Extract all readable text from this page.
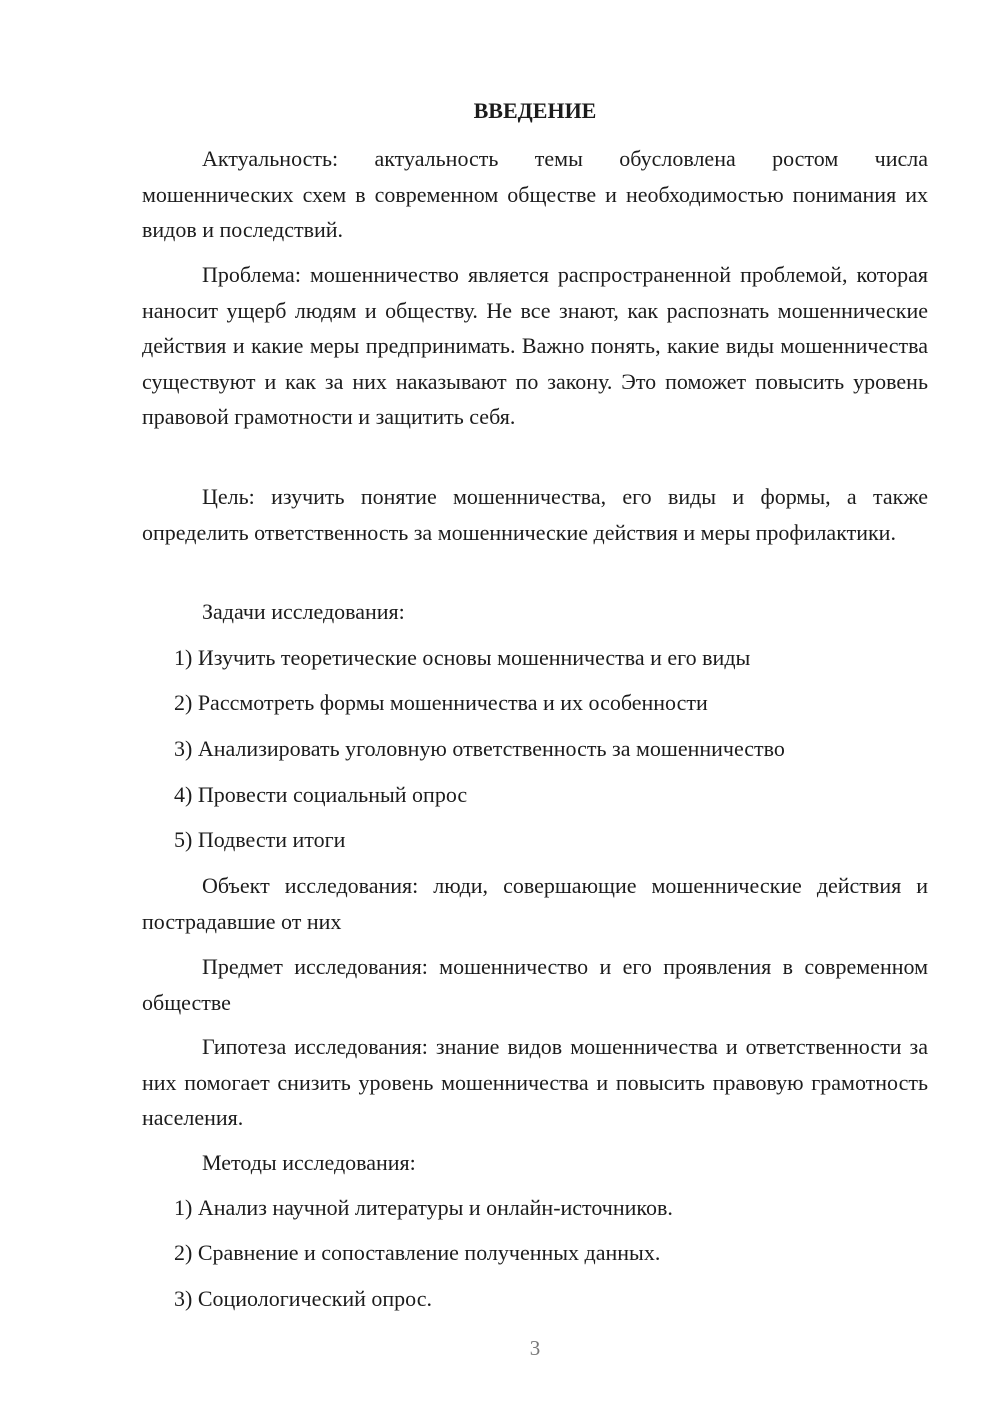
ВВЕДЕНИЕ

Актуальность: актуальность темы обусловлена ростом числа мошеннических схем в современном обществе и необходимостью понимания их видов и последствий.

Проблема: мошенничество является распространенной проблемой, которая наносит ущерб людям и обществу. Не все знают, как распознать мошеннические действия и какие меры предпринимать. Важно понять, какие виды мошенничества существуют и как за них наказывают по закону. Это поможет повысить уровень правовой грамотности и защитить себя.

Цель: изучить понятие мошенничества, его виды и формы, а также определить ответственность за мошеннические действия и меры профилактики.

Задачи исследования:

1) Изучить теоретические основы мошенничества и его виды

2) Рассмотреть формы мошенничества и их особенности

3) Анализировать уголовную ответственность за мошенничество

4) Провести социальный опрос

5) Подвести итоги

Объект исследования: люди, совершающие мошеннические действия и пострадавшие от них

Предмет исследования: мошенничество и его проявления в современном обществе

Гипотеза исследования: знание видов мошенничества и ответственности за них помогает снизить уровень мошенничества и повысить правовую грамотность населения.

Методы исследования:

1) Анализ научной литературы и онлайн-источников.

2) Сравнение и сопоставление полученных данных.

3) Социологический опрос.

3
